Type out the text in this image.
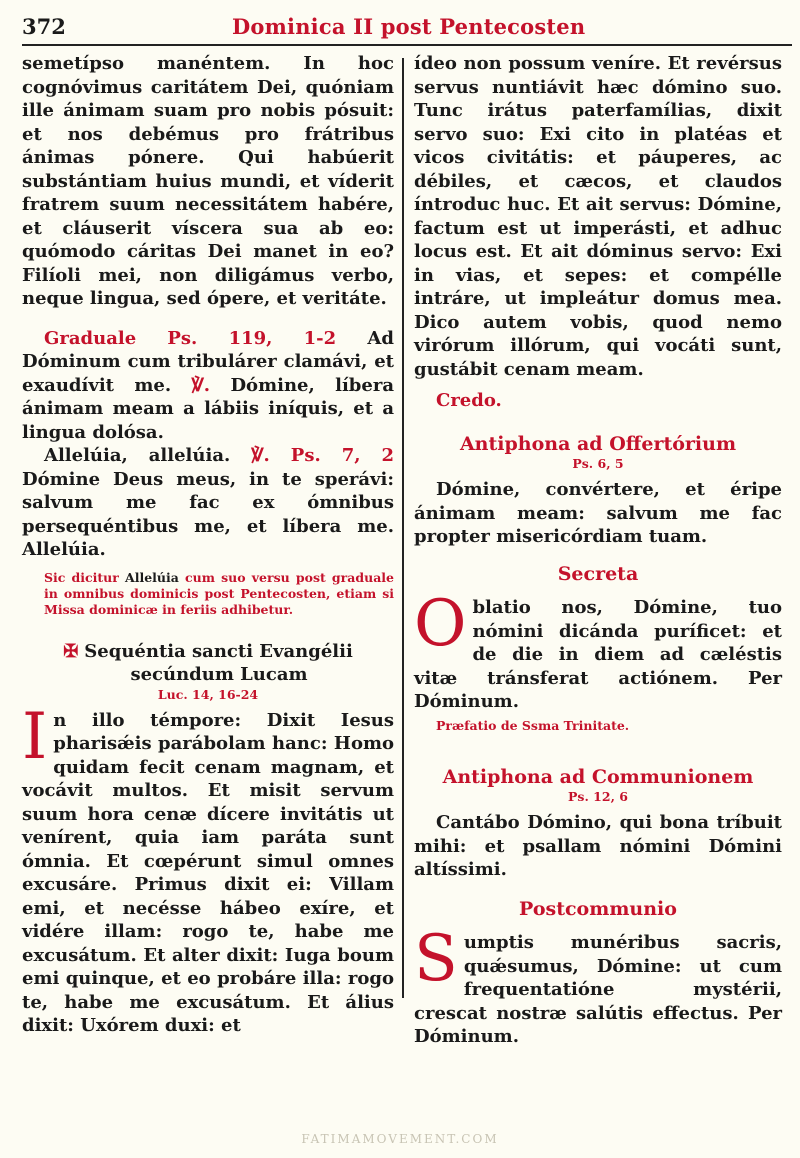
372	Dominica II post Pentecosten

semetípso manéntem. In hoc cognóvimus caritátem Dei, quóniam ille ánimam suam pro nobis pósuit: et nos debémus pro frátribus ánimas pónere. Qui habúerit substántiam huius mundi, et víderit fratrem suum necessitátem habére, et cláuserit víscera sua ab eo: quómodo cáritas Dei manet in eo? Filíoli mei, non diligámus verbo, neque lingua, sed ópere, et veritáte.

Graduale Ps. 119, 1-2 Ad Dóminum cum tribulárer clamávi, et exaudívit me. ℣. Dómine, líbera ánimam meam a lábiis iníquis, et a lingua dolósa.

Allelúia, allelúia. ℣. Ps. 7, 2 Dómine Deus meus, in te sperávi: salvum me fac ex ómnibus persequéntibus me, et líbera me. Allelúia.

Sic dicitur Allelúia cum suo versu post graduale in omnibus dominicis post Pentecosten, etiam si Missa dominicæ in feriis adhibetur.

✠ Sequéntia sancti Evangélii secúndum Lucam

Luc. 14, 16-24

In illo témpore: Dixit Iesus pharisǽis parábolam hanc: Homo quidam fecit cenam magnam, et vocávit multos. Et misit servum suum hora cenæ dícere invitátis ut venírent, quia iam paráta sunt ómnia. Et cœpérunt simul omnes excusáre. Primus dixit ei: Villam emi, et necésse hábeo exíre, et vidére illam: rogo te, habe me excusátum. Et alter dixit: Iuga boum emi quinque, et eo probáre illa: rogo te, habe me excusátum. Et álius dixit: Uxórem duxi: et

ídeo non possum veníre. Et revérsus servus nuntiávit hæc dómino suo. Tunc irátus paterfamílias, dixit servo suo: Exi cito in platéas et vicos civitátis: et páuperes, ac débiles, et cæcos, et claudos íntroduc huc. Et ait servus: Dómine, factum est ut imperásti, et adhuc locus est. Et ait dóminus servo: Exi in vias, et sepes: et compélle intráre, ut impleátur domus mea. Dico autem vobis, quod nemo virórum illórum, qui vocáti sunt, gustábit cenam meam.

Credo.

Antiphona ad Offertórium

Ps. 6, 5

Dómine, convértere, et éripe ánimam meam: salvum me fac propter misericórdiam tuam.

Secreta

Oblatio nos, Dómine, tuo nómini dicánda puríficet: et de die in diem ad cæléstis vitæ tránsferat actiónem. Per Dóminum.

Præfatio de Ssma Trinitate.

Antiphona ad Communionem

Ps. 12, 6

Cantábo Dómino, qui bona tríbuit mihi: et psallam nómini Dómini altíssimi.

Postcommunio

Sumptis munéribus sacris, quǽsumus, Dómine: ut cum frequentatióne mystérii, crescat nostræ salútis effectus. Per Dóminum.

FATIMAMOVEMENT.COM
